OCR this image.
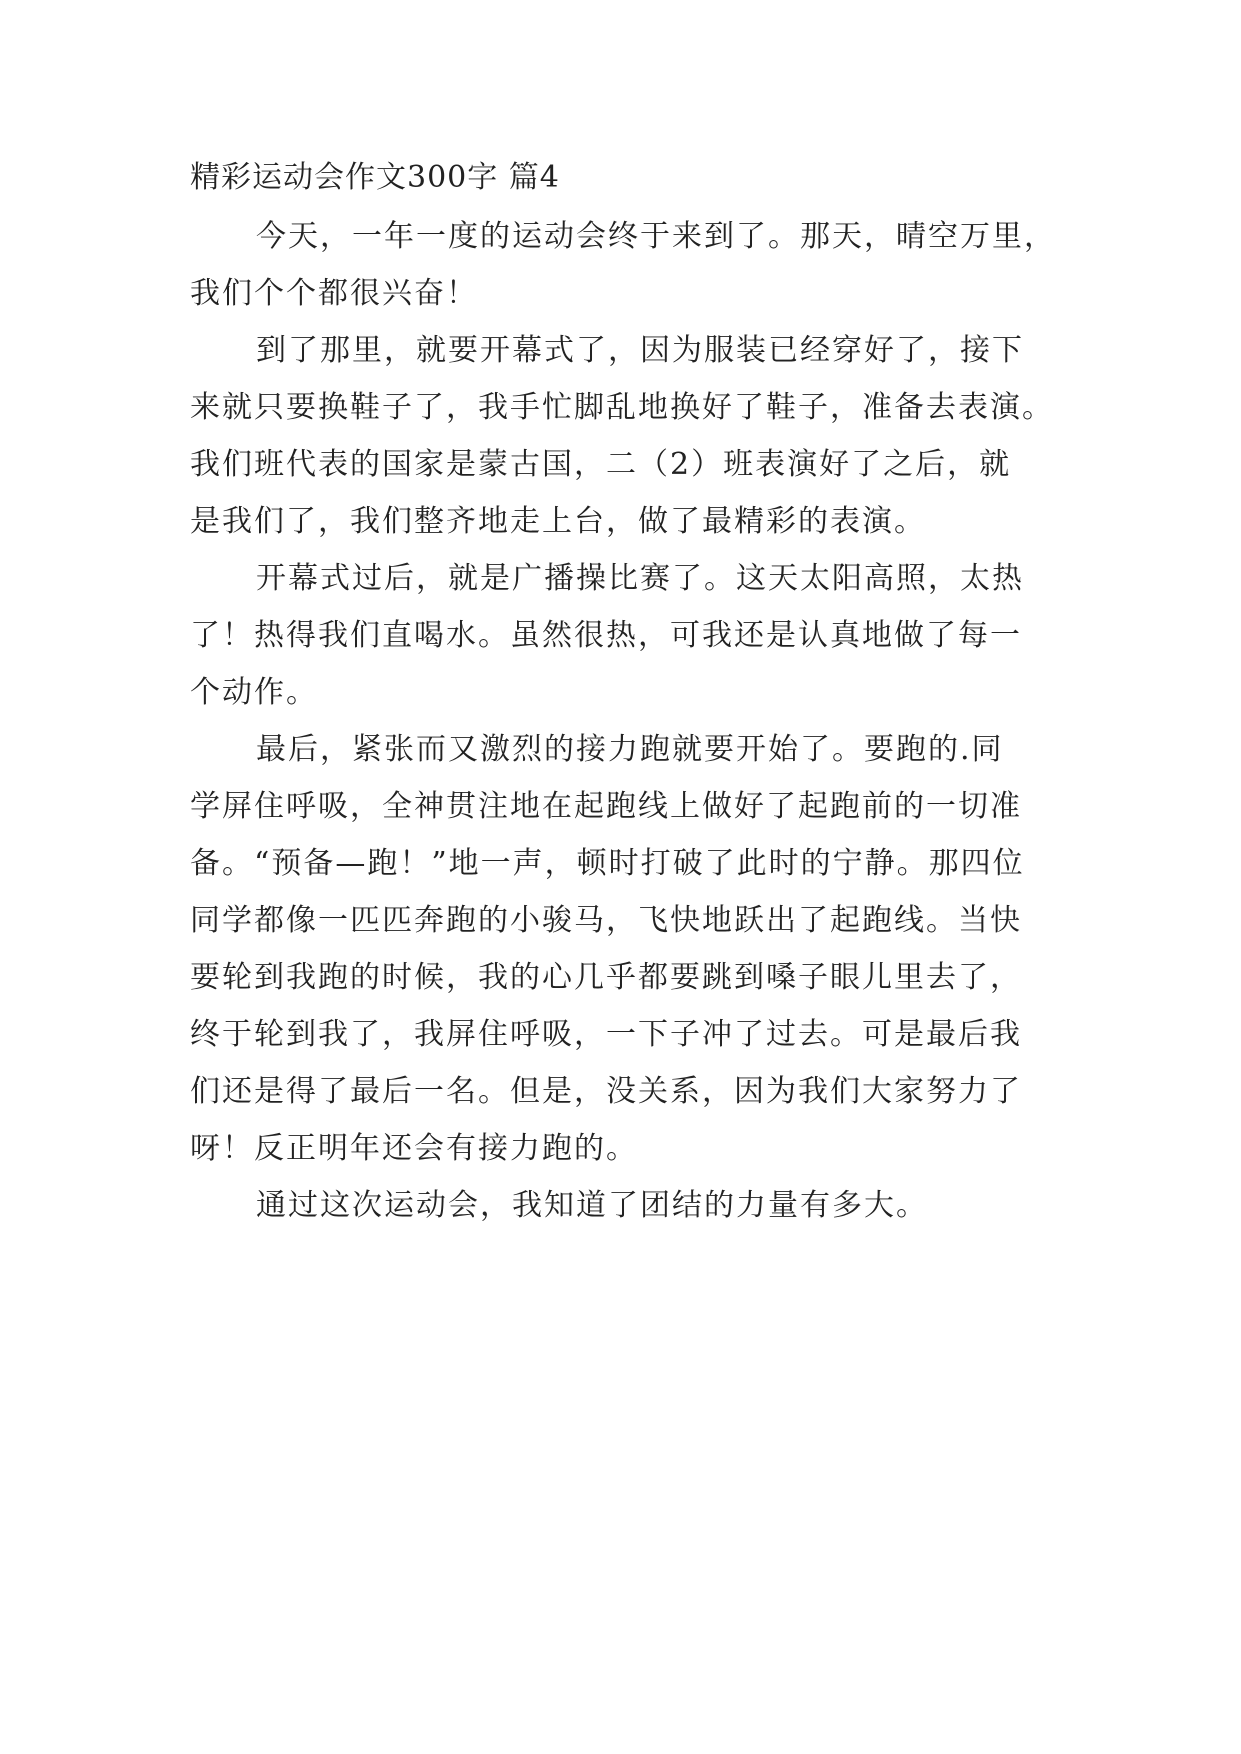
精彩运动会作文300字 篇4
今天，一年一度的运动会终于来到了。那天，晴空万里，
我们个个都很兴奋！
到了那里，就要开幕式了，因为服装已经穿好了，接下
来就只要换鞋子了，我手忙脚乱地换好了鞋子，准备去表演。
我们班代表的国家是蒙古国，二（2）班表演好了之后，就
是我们了，我们整齐地走上台，做了最精彩的表演。
开幕式过后，就是广播操比赛了。这天太阳高照，太热
了！热得我们直喝水。虽然很热，可我还是认真地做了每一
个动作。
最后，紧张而又激烈的接力跑就要开始了。要跑的.同
学屏住呼吸，全神贯注地在起跑线上做好了起跑前的一切准
备。“预备—跑！”地一声，顿时打破了此时的宁静。那四位
同学都像一匹匹奔跑的小骏马，飞快地跃出了起跑线。当快
要轮到我跑的时候，我的心几乎都要跳到嗓子眼儿里去了，
终于轮到我了，我屏住呼吸，一下子冲了过去。可是最后我
们还是得了最后一名。但是，没关系，因为我们大家努力了
呀！反正明年还会有接力跑的。
通过这次运动会，我知道了团结的力量有多大。
